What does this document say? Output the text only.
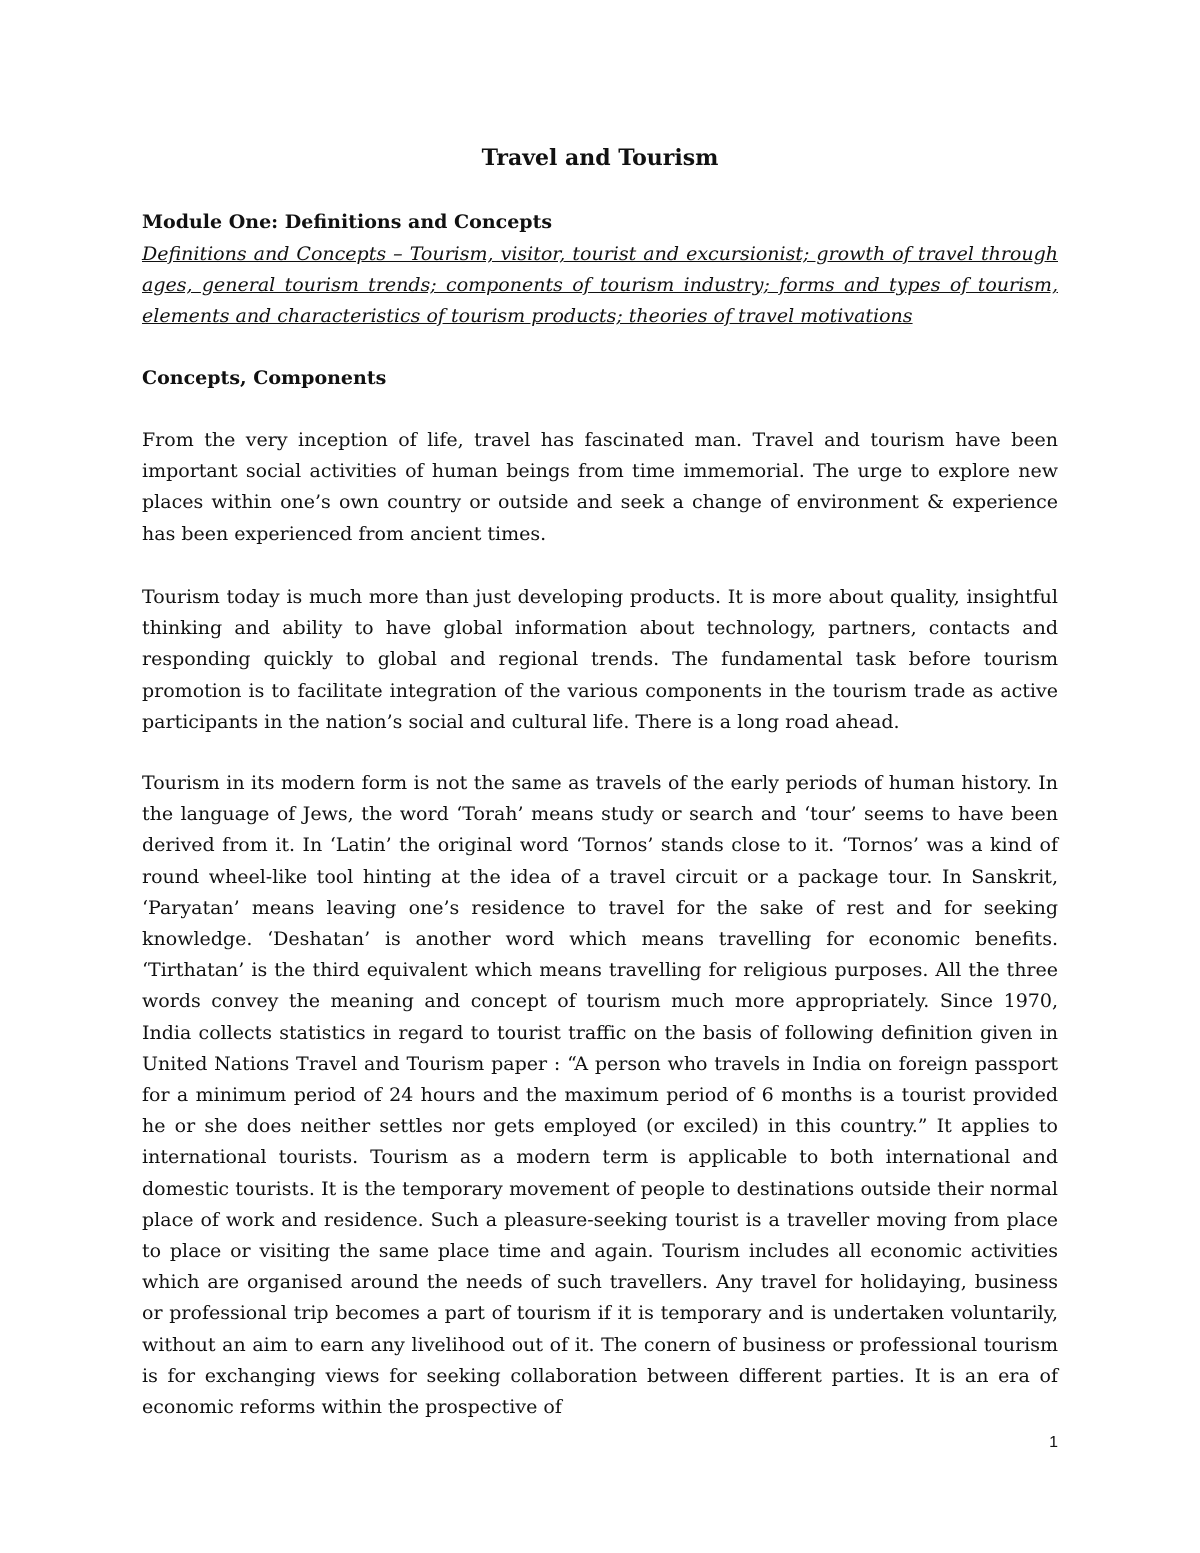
Travel and Tourism
Module One: Definitions and Concepts
Definitions and Concepts – Tourism, visitor, tourist and excursionist; growth of travel through ages, general tourism trends; components of tourism industry; forms and types of tourism, elements and characteristics of tourism products; theories of travel motivations
Concepts, Components
From the very inception of life, travel has fascinated man. Travel and tourism have been important social activities of human beings from time immemorial. The urge to explore new places within one’s own country or outside and seek a change of environment & experience has been experienced from ancient times.
Tourism today is much more than just developing products. It is more about quality, insightful thinking and ability to have global information about technology, partners, contacts and responding quickly to global and regional trends. The fundamental task before tourism promotion is to facilitate integration of the various components in the tourism trade as active participants in the nation’s social and cultural life. There is a long road ahead.
Tourism in its modern form is not the same as travels of the early periods of human history. In the language of Jews, the word ‘Torah’ means study or search and ‘tour’ seems to have been derived from it. In ‘Latin’ the original word ‘Tornos’ stands close to it. ‘Tornos’ was a kind of round wheel-like tool hinting at the idea of a travel circuit or a package tour. In Sanskrit, ‘Paryatan’ means leaving one’s residence to travel for the sake of rest and for seeking knowledge. ‘Deshatan’ is another word which means travelling for economic benefits. ‘Tirthatan’ is the third equivalent which means travelling for religious purposes. All the three words convey the meaning and concept of tourism much more appropriately. Since 1970, India collects statistics in regard to tourist traffic on the basis of following definition given in United Nations Travel and Tourism paper : “A person who travels in India on foreign passport for a minimum period of 24 hours and the maximum period of 6 months is a tourist provided he or she does neither settles nor gets employed (or exciled) in this country.” It applies to international tourists. Tourism as a modern term is applicable to both international and domestic tourists. It is the temporary movement of people to destinations outside their normal place of work and residence. Such a pleasure-seeking tourist is a traveller moving from place to place or visiting the same place time and again. Tourism includes all economic activities which are organised around the needs of such travellers. Any travel for holidaying, business or professional trip becomes a part of tourism if it is temporary and is undertaken voluntarily, without an aim to earn any livelihood out of it. The conern of business or professional tourism is for exchanging views for seeking collaboration between different parties. It is an era of economic reforms within the prospective of
1
